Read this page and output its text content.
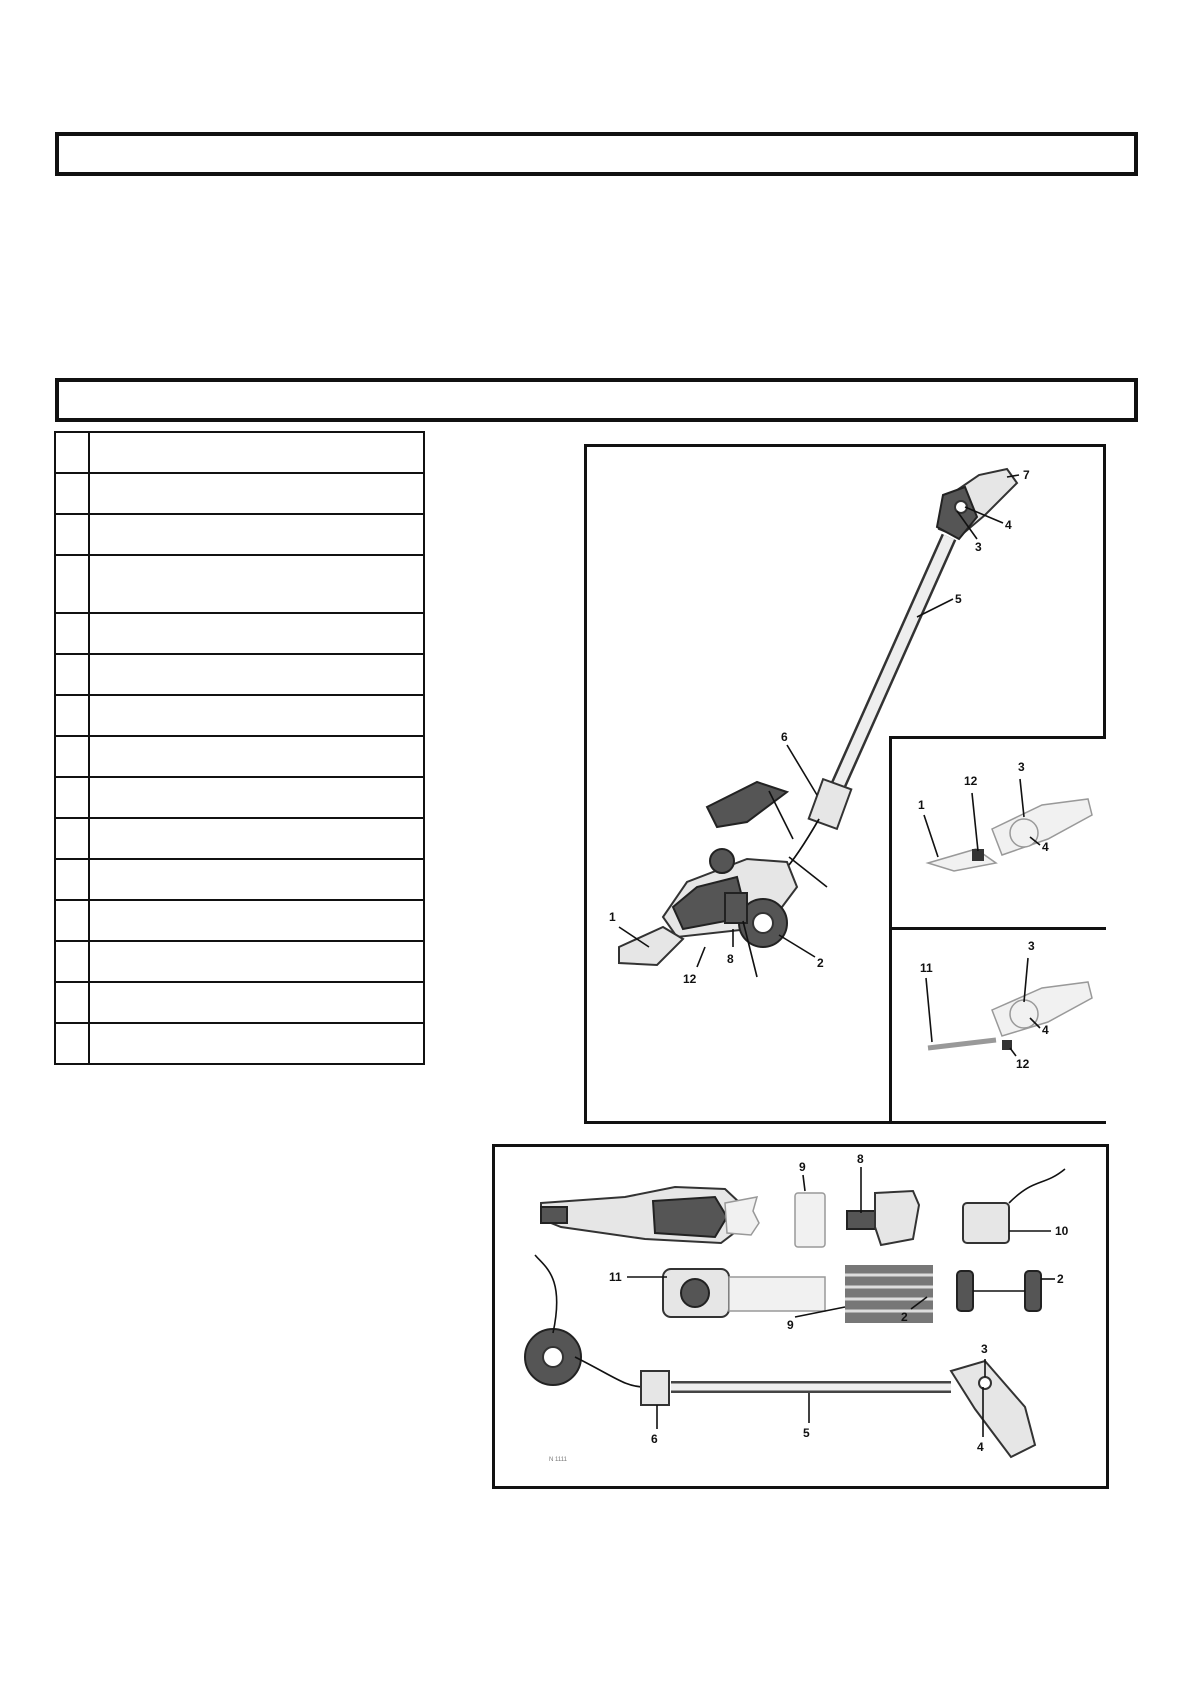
7
4
3
5
6
1
12
8	2
12
3
1
4
3
11
4
12
9
8
10
11	2
2
9
3
6	5
4
N 1111
